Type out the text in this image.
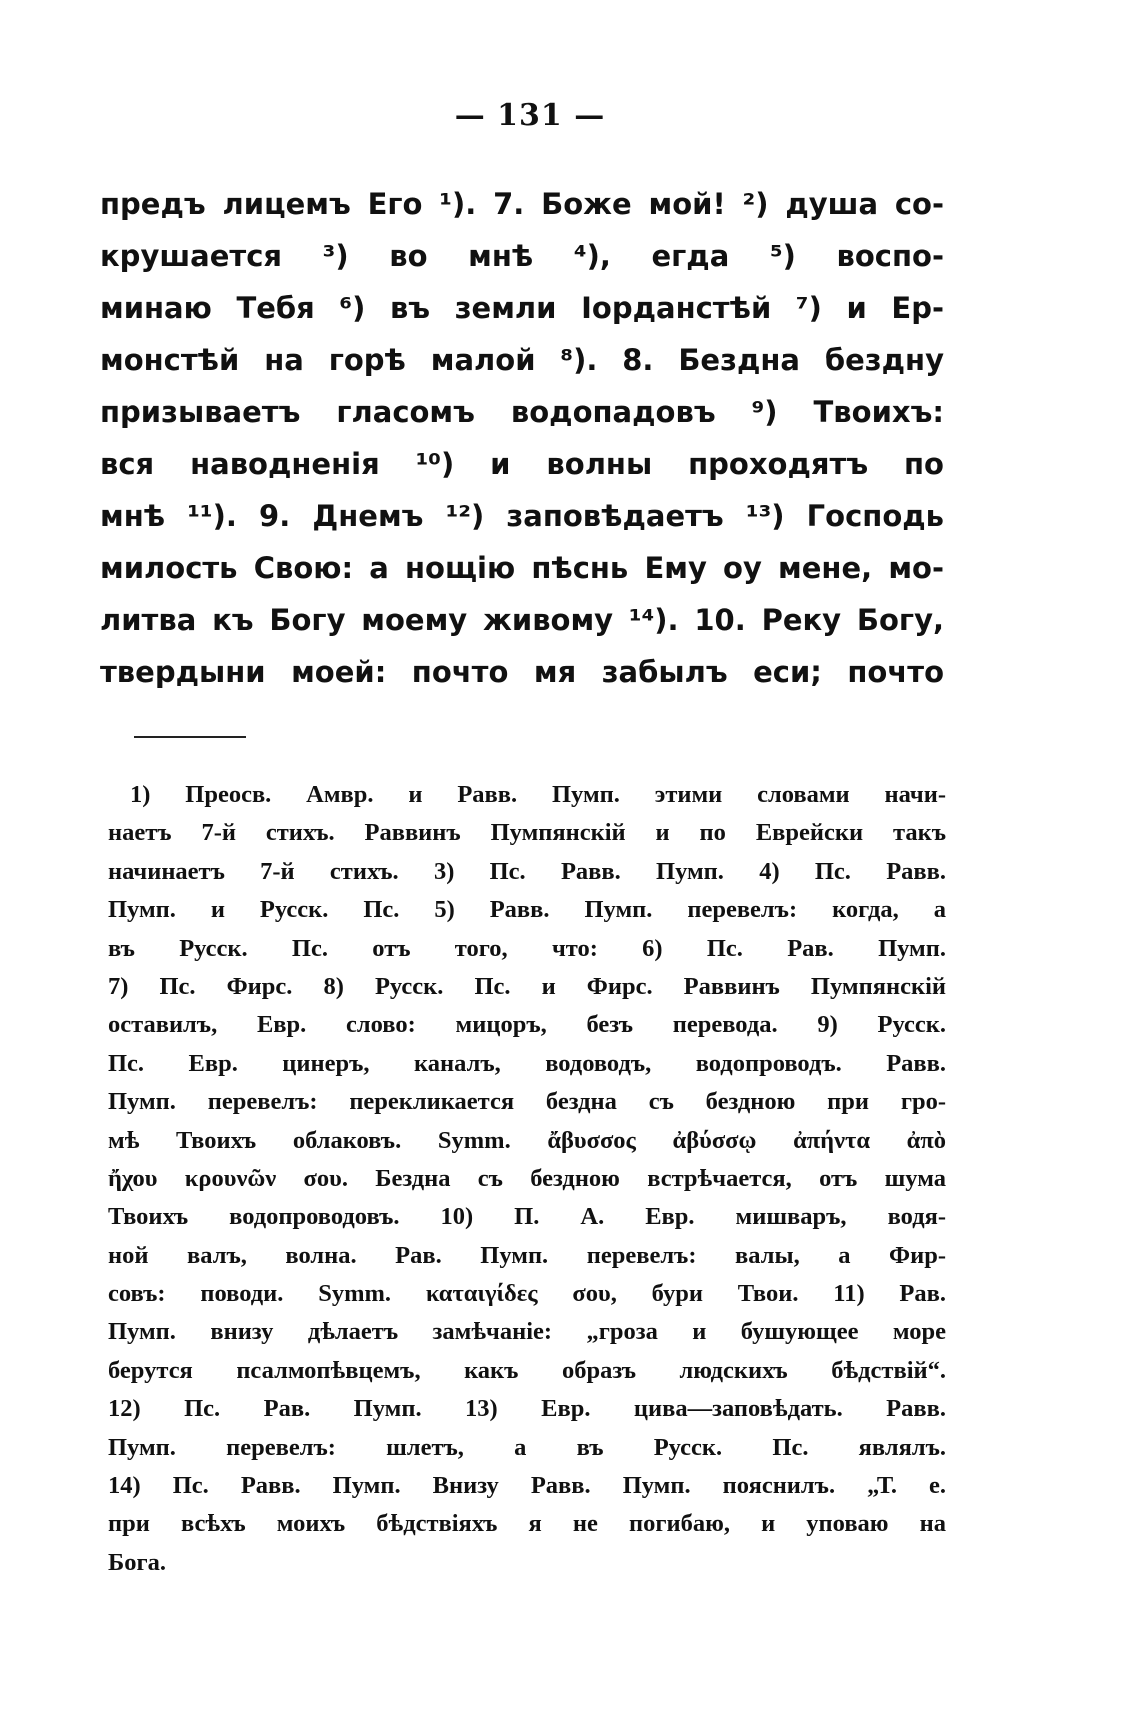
— 131 —
предъ лицемъ Его ¹). 7. Боже мой! ²) душа со-
крушается ³) во мнѣ ⁴), егда ⁵) воспо-
минаю Тебя ⁶) въ земли Іорданстѣй ⁷) и Ер-
монстѣй на горѣ малой ⁸). 8. Бездна бездну
призываетъ гласомъ водопадовъ ⁹) Твоихъ:
вся наводненія ¹⁰) и волны проходятъ по
мнѣ ¹¹). 9. Днемъ ¹²) заповѣдаетъ ¹³) Господь
милость Свою: а нощію пѣснь Ему оу мене, мо-
литва къ Богу моему живому ¹⁴). 10. Реку Богу,
твердыни моей: почто мя забылъ еси; почто
1) Преосв. Амвр. и Равв. Пумп. этими словами начи-
наетъ 7-й стихъ. Раввинъ Пумпянскій и по Еврейски такъ
начинаетъ 7-й стихъ. 3) Пс. Равв. Пумп. 4) Пс. Равв.
Пумп. и Русск. Пс. 5) Равв. Пумп. перевелъ: когда, а
въ Русск. Пс. отъ того, что: 6) Пс. Рав. Пумп.
7) Пс. Фирс. 8) Русск. Пс. и Фирс. Раввинъ Пумпянскій
оставилъ, Евр. слово: мицоръ, безъ перевода. 9) Русск.
Пс. Евр. цинеръ, каналъ, водоводъ, водопроводъ. Равв.
Пумп. перевелъ: перекликается бездна съ безднoю при гро-
мѣ Твоихъ облаковъ. Symm. ἄβυσσος ἀβύσσῳ ἀπήντα ἀπὸ
ἤχου κρουνῶν σου. Бездна съ бездною встрѣчается, отъ шума
Твоихъ водопроводовъ. 10) П. А. Евр. мишваръ, водя-
ной валъ, волна. Рав. Пумп. перевелъ: валы, а Фир-
совъ: поводи. Symm. καταιγίδες σου, бури Твои. 11) Рав.
Пумп. внизу дѣлаетъ замѣчаніе: „гроза и бушующее море
берутся псалмопѣвцемъ, какъ образъ людскихъ бѣдствій“.
12) Пс. Рав. Пумп. 13) Евр. цива—заповѣдать. Равв.
Пумп. перевелъ: шлетъ, а въ Русск. Пс. являлъ.
14) Пс. Равв. Пумп. Внизу Равв. Пумп. пояснилъ. „Т. е.
при всѣхъ моихъ бѣдствіяхъ я не погибаю, и уповаю на
Бога.
